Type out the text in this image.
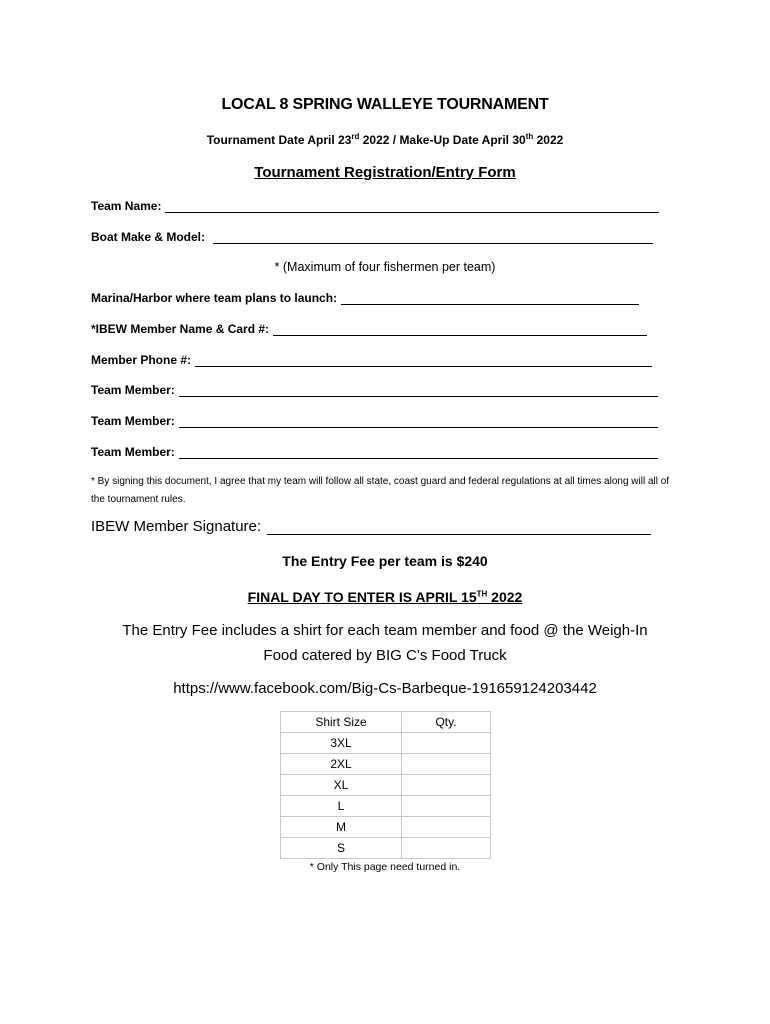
LOCAL 8 SPRING WALLEYE TOURNAMENT
Tournament Date April 23rd 2022 / Make-Up Date April 30th 2022
Tournament Registration/Entry Form
Team Name:
Boat Make & Model:
* (Maximum of four fishermen per team)
Marina/Harbor where team plans to launch:
*IBEW Member Name & Card #:
Member Phone #:
Team Member:
Team Member:
Team Member:
* By signing this document, I agree that my team will follow all state, coast guard and federal regulations at all times along will all of the tournament rules.
IBEW Member Signature:
The Entry Fee per team is $240
FINAL DAY TO ENTER IS APRIL 15TH 2022
The Entry Fee includes a shirt for each team member and food @ the Weigh-In
Food catered by BIG C’s Food Truck
https://www.facebook.com/Big-Cs-Barbeque-191659124203442
Shirt Size	Qty.
3XL	
2XL	
XL	
L	
M	
S	
* Only This page need turned in.
